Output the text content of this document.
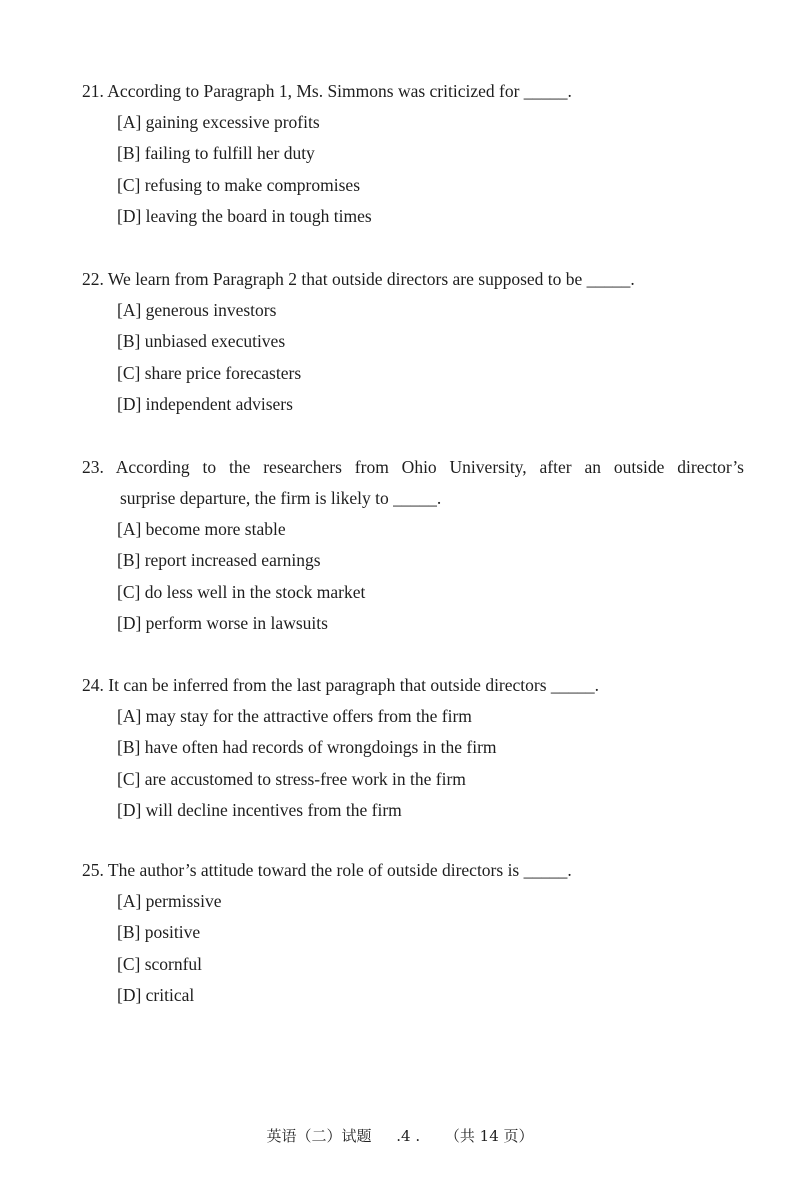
21. According to Paragraph 1, Ms. Simmons was criticized for _____.
[A] gaining excessive profits
[B] failing to fulfill her duty
[C] refusing to make compromises
[D] leaving the board in tough times
22. We learn from Paragraph 2 that outside directors are supposed to be _____.
[A] generous investors
[B] unbiased executives
[C] share price forecasters
[D] independent advisers
23. According to the researchers from Ohio University, after an outside director’s
surprise departure, the firm is likely to _____.
[A] become more stable
[B] report increased earnings
[C] do less well in the stock market
[D] perform worse in lawsuits
24. It can be inferred from the last paragraph that outside directors _____.
[A] may stay for the attractive offers from the firm
[B] have often had records of wrongdoings in the firm
[C] are accustomed to stress-free work in the firm
[D] will decline incentives from the firm
25. The author’s attitude toward the role of outside directors is _____.
[A] permissive
[B] positive
[C] scornful
[D] critical
英语（二）试题 .4 . （共 14 页）
